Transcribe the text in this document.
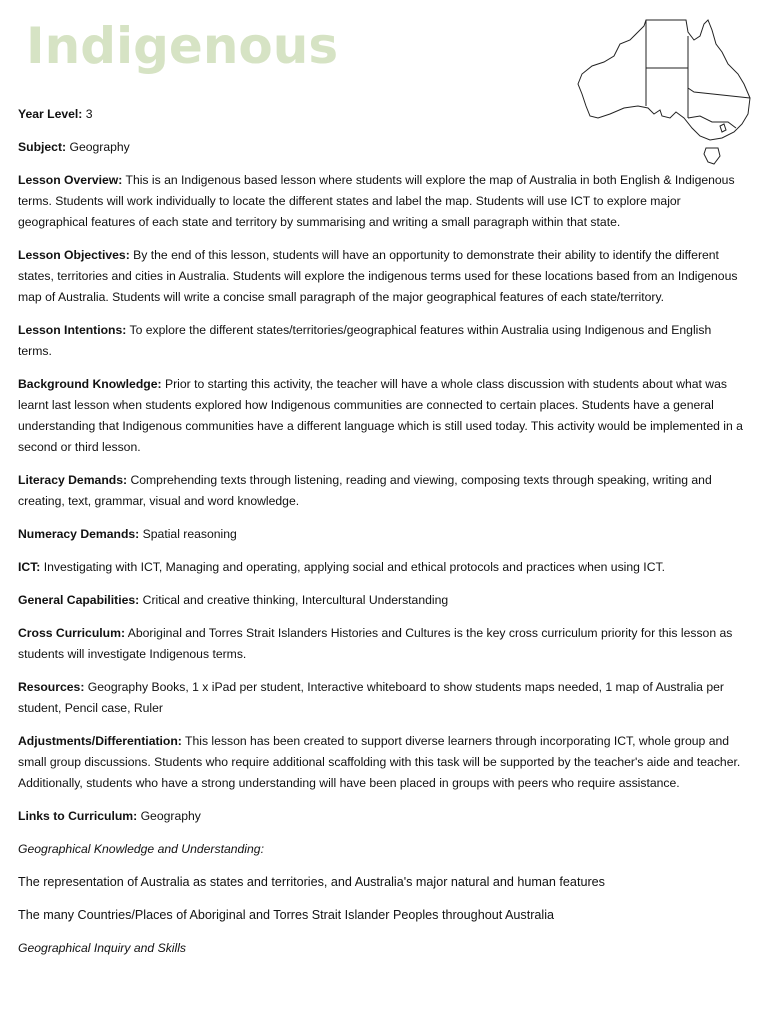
Indigenous

Year Level: 3

Subject: Geography

Lesson Overview: This is an Indigenous based lesson where students will explore the map of Australia in both English & Indigenous terms. Students will work individually to locate the different states and label the map. Students will use ICT to explore major geographical features of each state and territory by summarising and writing a small paragraph within that state.

Lesson Objectives: By the end of this lesson, students will have an opportunity to demonstrate their ability to identify the different states, territories and cities in Australia. Students will explore the indigenous terms used for these locations based from an Indigenous map of Australia. Students will write a concise small paragraph of the major geographical features of each state/territory.

Lesson Intentions: To explore the different states/territories/geographical features within Australia using Indigenous and English terms.

Background Knowledge: Prior to starting this activity, the teacher will have a whole class discussion with students about what was learnt last lesson when students explored how Indigenous communities are connected to certain places. Students have a general understanding that Indigenous communities have a different language which is still used today. This activity would be implemented in a second or third lesson.

Literacy Demands: Comprehending texts through listening, reading and viewing, composing texts through speaking, writing and creating, text, grammar, visual and word knowledge.

Numeracy Demands: Spatial reasoning

ICT: Investigating with ICT, Managing and operating, applying social and ethical protocols and practices when using ICT.

General Capabilities: Critical and creative thinking, Intercultural Understanding

Cross Curriculum: Aboriginal and Torres Strait Islanders Histories and Cultures is the key cross curriculum priority for this lesson as students will investigate Indigenous terms.

Resources: Geography Books, 1 x iPad per student, Interactive whiteboard to show students maps needed, 1 map of Australia per student, Pencil case, Ruler

Adjustments/Differentiation: This lesson has been created to support diverse learners through incorporating ICT, whole group and small group discussions. Students who require additional scaffolding with this task will be supported by the teacher's aide and teacher. Additionally, students who have a strong understanding will have been placed in groups with peers who require assistance.

Links to Curriculum: Geography

Geographical Knowledge and Understanding:

The representation of Australia as states and territories, and Australia's major natural and human features

The many Countries/Places of Aboriginal and Torres Strait Islander Peoples throughout Australia

Geographical Inquiry and Skills
